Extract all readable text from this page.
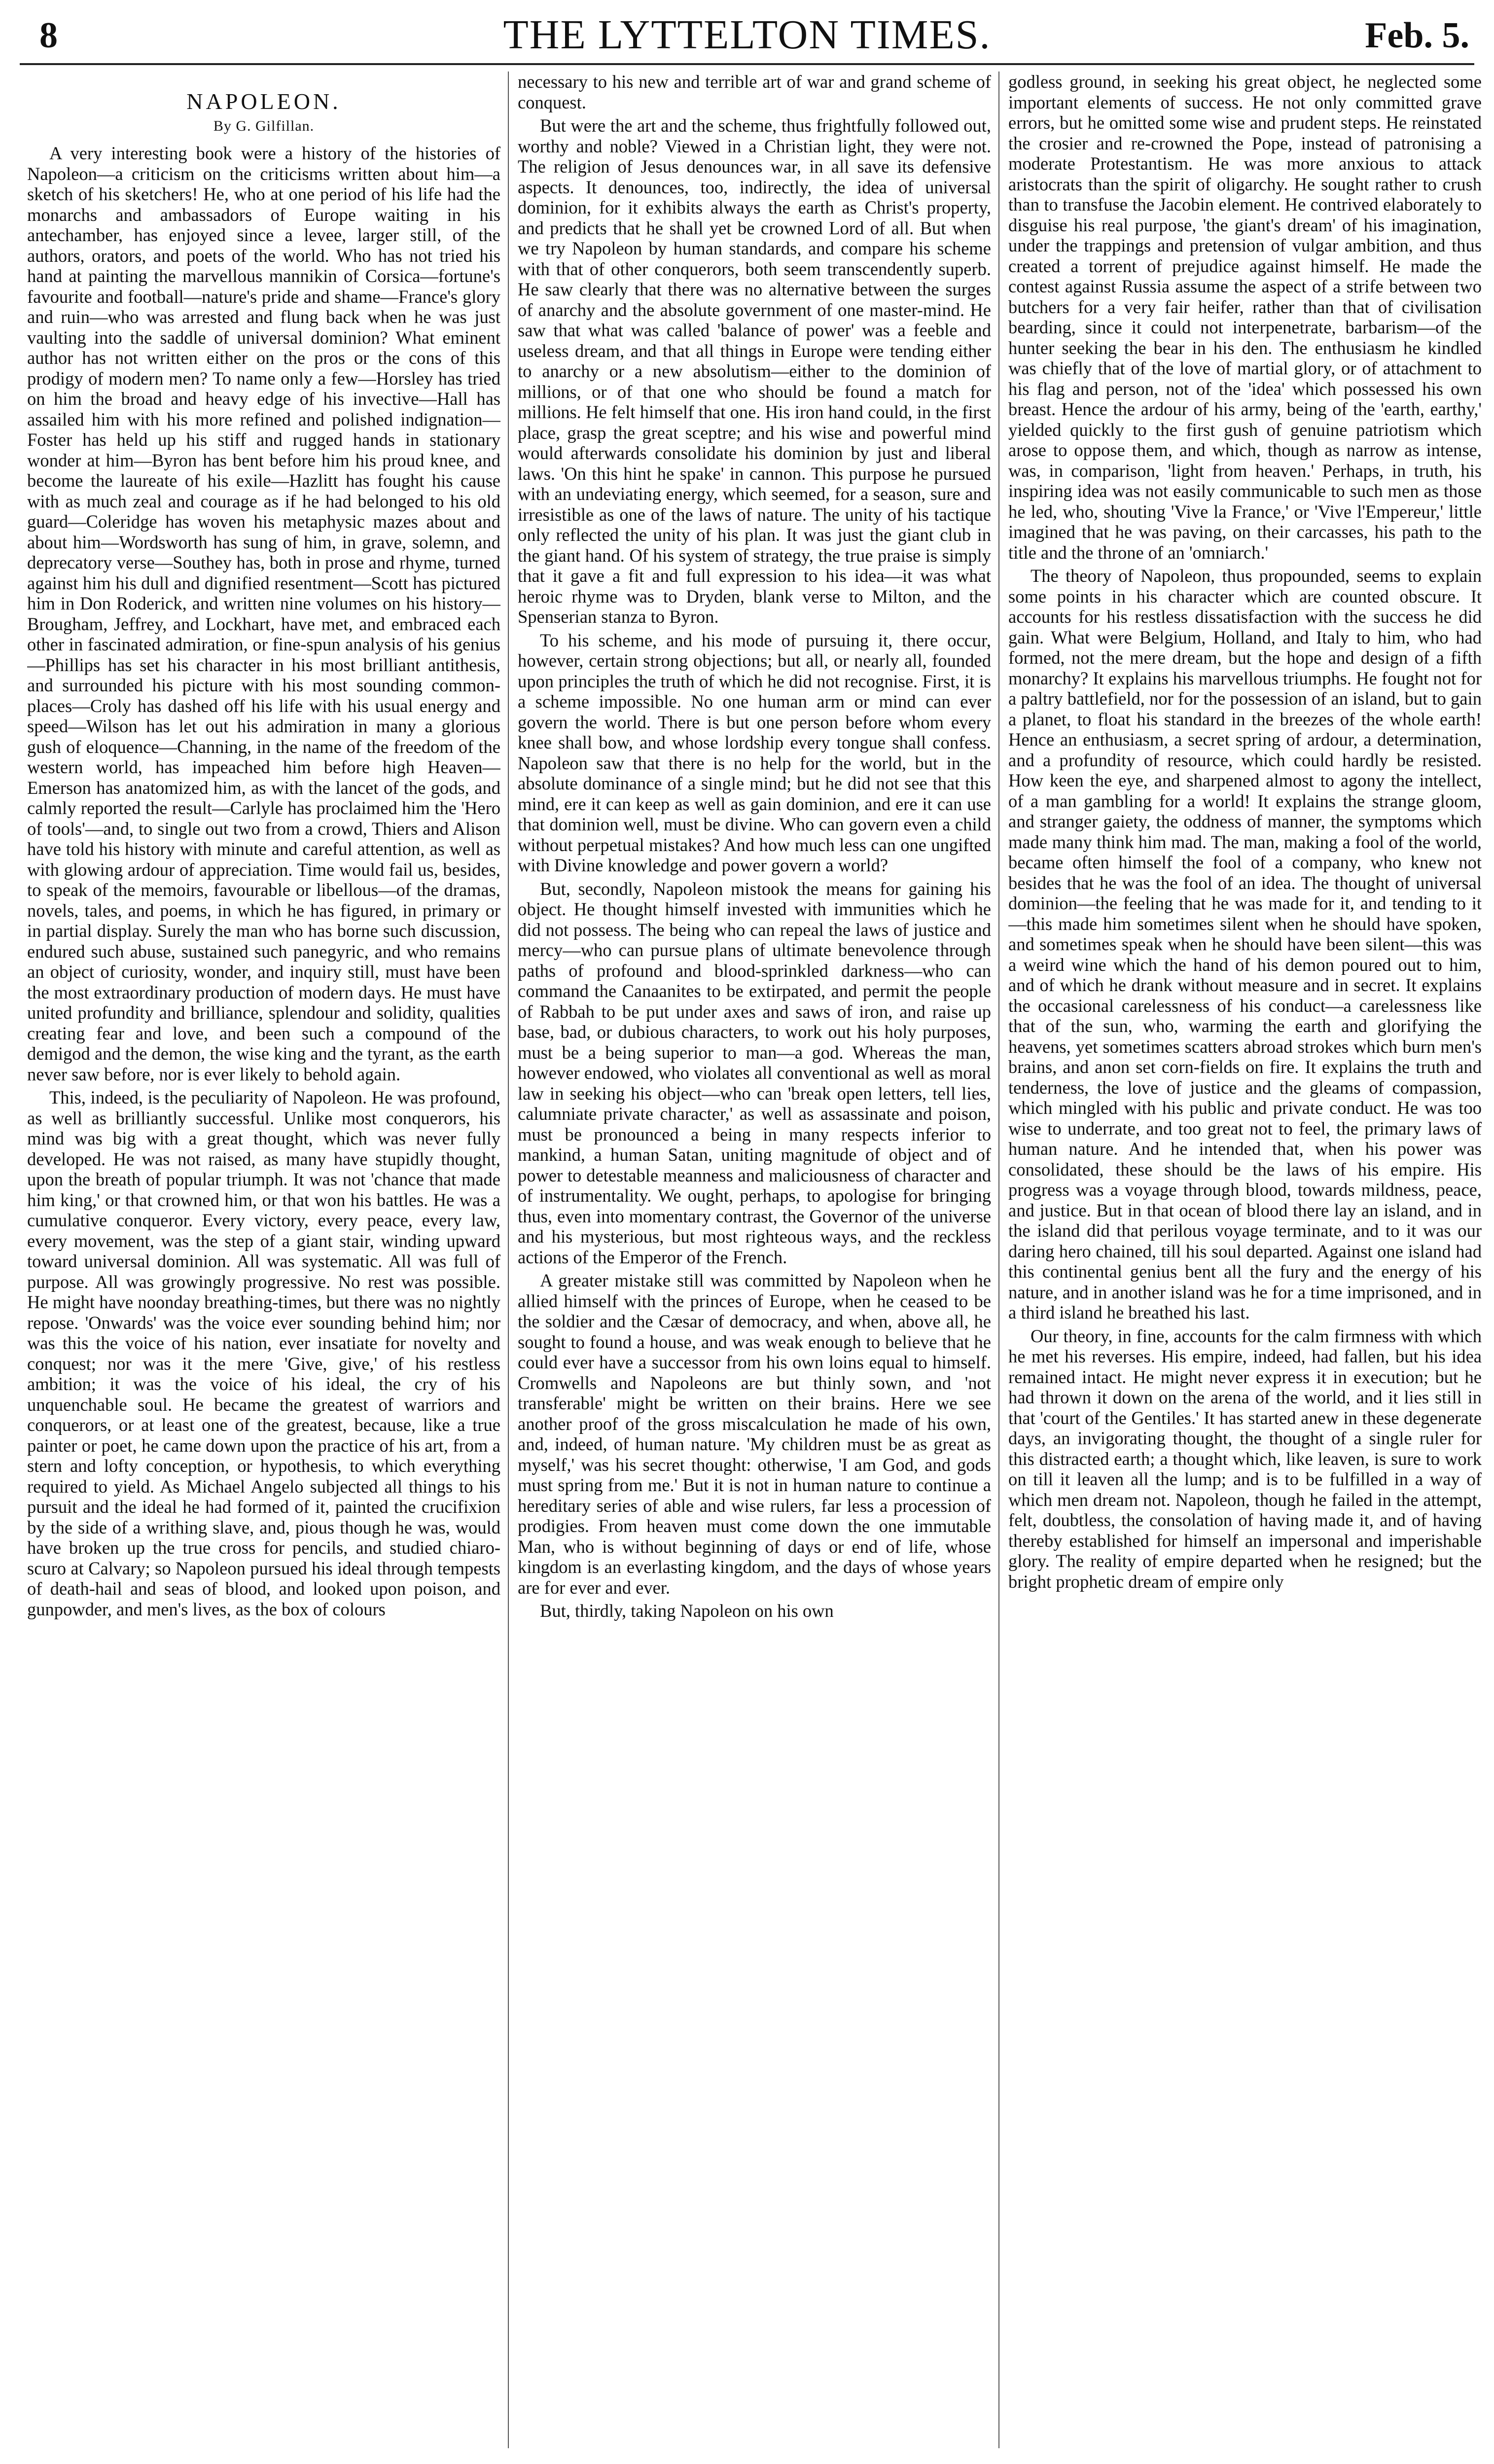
8	THE LYTTELTON TIMES.	Feb. 5.
NAPOLEON.
By G. Gilfillan.

A very interesting book were a history of the histories of Napoleon—a criticism on the criticisms written about him—a sketch of his sketchers! He, who at one period of his life had the monarchs and ambassadors of Europe waiting in his antechamber, has enjoyed since a levee, larger still, of the authors, orators, and poets of the world. Who has not tried his hand at painting the marvellous mannikin of Corsica—fortune's favourite and football—nature's pride and shame—France's glory and ruin—who was arrested and flung back when he was just vaulting into the saddle of universal dominion? What eminent author has not written either on the pros or the cons of this prodigy of modern men? To name only a few—Horsley has tried on him the broad and heavy edge of his invective—Hall has assailed him with his more refined and polished indignation—Foster has held up his stiff and rugged hands in stationary wonder at him—Byron has bent before him his proud knee, and become the laureate of his exile—Hazlitt has fought his cause with as much zeal and courage as if he had belonged to his old guard—Coleridge has woven his metaphysic mazes about and about him—Wordsworth has sung of him, in grave, solemn, and deprecatory verse—Southey has, both in prose and rhyme, turned against him his dull and dignified resentment—Scott has pictured him in Don Roderick, and written nine volumes on his history—Brougham, Jeffrey, and Lockhart, have met, and embraced each other in fascinated admiration, or fine-spun analysis of his genius—Phillips has set his character in his most brilliant antithesis, and surrounded his picture with his most sounding common-places—Croly has dashed off his life with his usual energy and speed—Wilson has let out his admiration in many a glorious gush of eloquence—Channing, in the name of the freedom of the western world, has impeached him before high Heaven—Emerson has anatomized him, as with the lancet of the gods, and calmly reported the result—Carlyle has proclaimed him the 'Hero of tools'—and, to single out two from a crowd, Thiers and Alison have told his history with minute and careful attention, as well as with glowing ardour of appreciation. Time would fail us, besides, to speak of the memoirs, favourable or libellous—of the dramas, novels, tales, and poems, in which he has figured, in primary or in partial display. Surely the man who has borne such discussion, endured such abuse, sustained such panegyric, and who remains an object of curiosity, wonder, and inquiry still, must have been the most extraordinary production of modern days. He must have united profundity and brilliance, splendour and solidity, qualities creating fear and love, and been such a compound of the demigod and the demon, the wise king and the tyrant, as the earth never saw before, nor is ever likely to behold again.

This, indeed, is the peculiarity of Napoleon. He was profound, as well as brilliantly successful. Unlike most conquerors, his mind was big with a great thought, which was never fully developed. He was not raised, as many have stupidly thought, upon the breath of popular triumph. It was not 'chance that made him king,' or that crowned him, or that won his battles. He was a cumulative conqueror. Every victory, every peace, every law, every movement, was the step of a giant stair, winding upward toward universal dominion. All was systematic. All was full of purpose. All was growingly progressive. No rest was possible. He might have noonday breathing-times, but there was no nightly repose. 'Onwards' was the voice ever sounding behind him; nor was this the voice of his nation, ever insatiate for novelty and conquest; nor was it the mere 'Give, give,' of his restless ambition; it was the voice of his ideal, the cry of his unquenchable soul. He became the greatest of warriors and conquerors, or at least one of the greatest, because, like a true painter or poet, he came down upon the practice of his art, from a stern and lofty conception, or hypothesis, to which everything required to yield. As Michael Angelo subjected all things to his pursuit and the ideal he had formed of it, painted the crucifixion by the side of a writhing slave, and, pious though he was, would have broken up the true cross for pencils, and studied chiaro-scuro at Calvary; so Napoleon pursued his ideal through tempests of death-hail and seas of blood, and looked upon poison, and gunpowder, and men's lives, as the box of colours

necessary to his new and terrible art of war and grand scheme of conquest.

But were the art and the scheme, thus frightfully followed out, worthy and noble? Viewed in a Christian light, they were not. The religion of Jesus denounces war, in all save its defensive aspects. It denounces, too, indirectly, the idea of universal dominion, for it exhibits always the earth as Christ's property, and predicts that he shall yet be crowned Lord of all. But when we try Napoleon by human standards, and compare his scheme with that of other conquerors, both seem transcendently superb. He saw clearly that there was no alternative between the surges of anarchy and the absolute government of one master-mind. He saw that what was called 'balance of power' was a feeble and useless dream, and that all things in Europe were tending either to anarchy or a new absolutism—either to the dominion of millions, or of that one who should be found a match for millions. He felt himself that one. His iron hand could, in the first place, grasp the great sceptre; and his wise and powerful mind would afterwards consolidate his dominion by just and liberal laws. 'On this hint he spake' in cannon. This purpose he pursued with an undeviating energy, which seemed, for a season, sure and irresistible as one of the laws of nature. The unity of his tactique only reflected the unity of his plan. It was just the giant club in the giant hand. Of his system of strategy, the true praise is simply that it gave a fit and full expression to his idea—it was what heroic rhyme was to Dryden, blank verse to Milton, and the Spenserian stanza to Byron.

To his scheme, and his mode of pursuing it, there occur, however, certain strong objections; but all, or nearly all, founded upon principles the truth of which he did not recognise. First, it is a scheme impossible. No one human arm or mind can ever govern the world. There is but one person before whom every knee shall bow, and whose lordship every tongue shall confess. Napoleon saw that there is no help for the world, but in the absolute dominance of a single mind; but he did not see that this mind, ere it can keep as well as gain dominion, and ere it can use that dominion well, must be divine. Who can govern even a child without perpetual mistakes? And how much less can one ungifted with Divine knowledge and power govern a world?

But, secondly, Napoleon mistook the means for gaining his object. He thought himself invested with immunities which he did not possess. The being who can repeal the laws of justice and mercy—who can pursue plans of ultimate benevolence through paths of profound and blood-sprinkled darkness—who can command the Canaanites to be extirpated, and permit the people of Rabbah to be put under axes and saws of iron, and raise up base, bad, or dubious characters, to work out his holy purposes, must be a being superior to man—a god. Whereas the man, however endowed, who violates all conventional as well as moral law in seeking his object—who can 'break open letters, tell lies, calumniate private character,' as well as assassinate and poison, must be pronounced a being in many respects inferior to mankind, a human Satan, uniting magnitude of object and of power to detestable meanness and maliciousness of character and of instrumentality. We ought, perhaps, to apologise for bringing thus, even into momentary contrast, the Governor of the universe and his mysterious, but most righteous ways, and the reckless actions of the Emperor of the French.

A greater mistake still was committed by Napoleon when he allied himself with the princes of Europe, when he ceased to be the soldier and the Cæsar of democracy, and when, above all, he sought to found a house, and was weak enough to believe that he could ever have a successor from his own loins equal to himself. Cromwells and Napoleons are but thinly sown, and 'not transferable' might be written on their brains. Here we see another proof of the gross miscalculation he made of his own, and, indeed, of human nature. 'My children must be as great as myself,' was his secret thought: otherwise, 'I am God, and gods must spring from me.' But it is not in human nature to continue a hereditary series of able and wise rulers, far less a procession of prodigies. From heaven must come down the one immutable Man, who is without beginning of days or end of life, whose kingdom is an everlasting kingdom, and the days of whose years are for ever and ever.

But, thirdly, taking Napoleon on his own

godless ground, in seeking his great object, he neglected some important elements of success. He not only committed grave errors, but he omitted some wise and prudent steps. He reinstated the crosier and re-crowned the Pope, instead of patronising a moderate Protestantism. He was more anxious to attack aristocrats than the spirit of oligarchy. He sought rather to crush than to transfuse the Jacobin element. He contrived elaborately to disguise his real purpose, 'the giant's dream' of his imagination, under the trappings and pretension of vulgar ambition, and thus created a torrent of prejudice against himself. He made the contest against Russia assume the aspect of a strife between two butchers for a very fair heifer, rather than that of civilisation bearding, since it could not interpenetrate, barbarism—of the hunter seeking the bear in his den. The enthusiasm he kindled was chiefly that of the love of martial glory, or of attachment to his flag and person, not of the 'idea' which possessed his own breast. Hence the ardour of his army, being of the 'earth, earthy,' yielded quickly to the first gush of genuine patriotism which arose to oppose them, and which, though as narrow as intense, was, in comparison, 'light from heaven.' Perhaps, in truth, his inspiring idea was not easily communicable to such men as those he led, who, shouting 'Vive la France,' or 'Vive l'Empereur,' little imagined that he was paving, on their carcasses, his path to the title and the throne of an 'omniarch.'

The theory of Napoleon, thus propounded, seems to explain some points in his character which are counted obscure. It accounts for his restless dissatisfaction with the success he did gain. What were Belgium, Holland, and Italy to him, who had formed, not the mere dream, but the hope and design of a fifth monarchy? It explains his marvellous triumphs. He fought not for a paltry battlefield, nor for the possession of an island, but to gain a planet, to float his standard in the breezes of the whole earth! Hence an enthusiasm, a secret spring of ardour, a determination, and a profundity of resource, which could hardly be resisted. How keen the eye, and sharpened almost to agony the intellect, of a man gambling for a world! It explains the strange gloom, and stranger gaiety, the oddness of manner, the symptoms which made many think him mad. The man, making a fool of the world, became often himself the fool of a company, who knew not besides that he was the fool of an idea. The thought of universal dominion—the feeling that he was made for it, and tending to it—this made him sometimes silent when he should have spoken, and sometimes speak when he should have been silent—this was a weird wine which the hand of his demon poured out to him, and of which he drank without measure and in secret. It explains the occasional carelessness of his conduct—a carelessness like that of the sun, who, warming the earth and glorifying the heavens, yet sometimes scatters abroad strokes which burn men's brains, and anon set corn-fields on fire. It explains the truth and tenderness, the love of justice and the gleams of compassion, which mingled with his public and private conduct. He was too wise to underrate, and too great not to feel, the primary laws of human nature. And he intended that, when his power was consolidated, these should be the laws of his empire. His progress was a voyage through blood, towards mildness, peace, and justice. But in that ocean of blood there lay an island, and in the island did that perilous voyage terminate, and to it was our daring hero chained, till his soul departed. Against one island had this continental genius bent all the fury and the energy of his nature, and in another island was he for a time imprisoned, and in a third island he breathed his last.

Our theory, in fine, accounts for the calm firmness with which he met his reverses. His empire, indeed, had fallen, but his idea remained intact. He might never express it in execution; but he had thrown it down on the arena of the world, and it lies still in that 'court of the Gentiles.' It has started anew in these degenerate days, an invigorating thought, the thought of a single ruler for this distracted earth; a thought which, like leaven, is sure to work on till it leaven all the lump; and is to be fulfilled in a way of which men dream not. Napoleon, though he failed in the attempt, felt, doubtless, the consolation of having made it, and of having thereby established for himself an impersonal and imperishable glory. The reality of empire departed when he resigned; but the bright prophetic dream of empire only
